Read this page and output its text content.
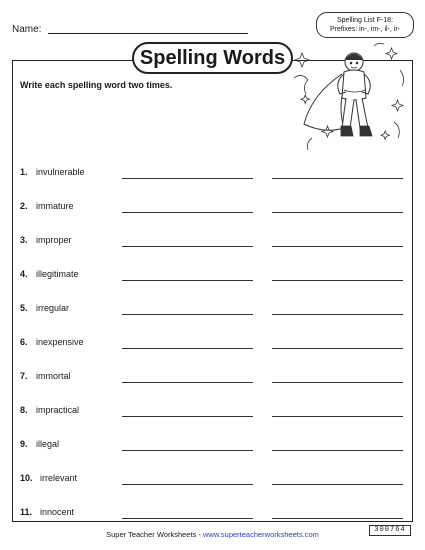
Name:
Spelling List F-18:
Prefixes: in-, im-, il-, ir-
Spelling Words
Write each spelling word two times.
1. invulnerable
2. immature
3. improper
4. illegitimate
5. irregular
6. inexpensive
7. immortal
8. impractical
9. illegal
10. irrelevant
11. innocent
Super Teacher Worksheets - www.superteacherworksheets.com	300764
